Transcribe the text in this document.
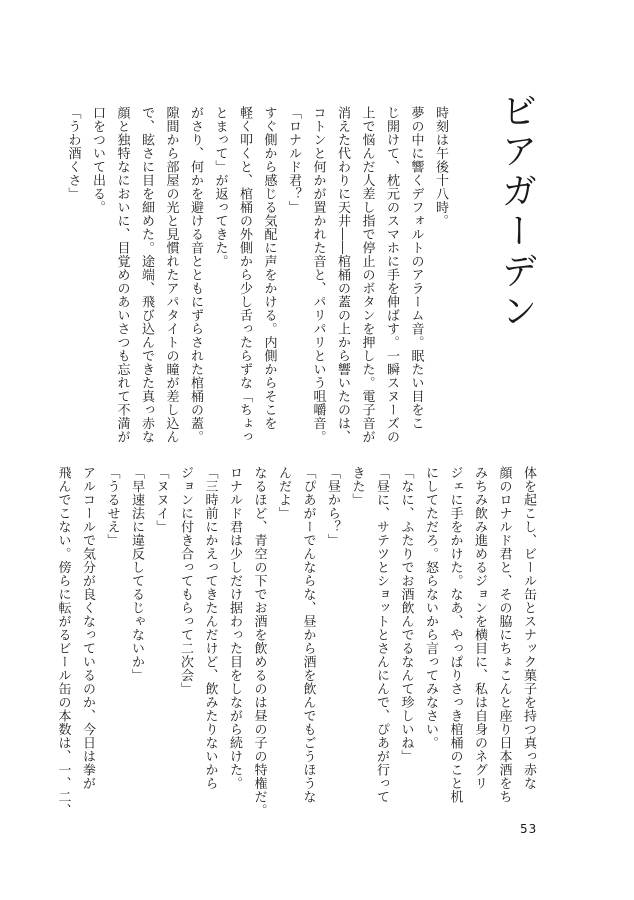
ビアガーデン
時刻は午後十八時。
夢の中に響くデフォルトのアラーム音。眠たい目をこ
じ開けて、枕元のスマホに手を伸ばす。一瞬スヌーズの
上で悩んだ人差し指で停止のボタンを押した。電子音が
消えた代わりに天井――棺桶の蓋の上から響いたのは、
コトンと何かが置かれた音と、パリパリという咀嚼音。
「ロナルド君？」
すぐ側から感じる気配に声をかける。内側からそこを
軽く叩くと、棺桶の外側から少し舌ったらずな「ちょっ
とまって」が返ってきた。
がさり、何かを避ける音とともにずらされた棺桶の蓋。
隙間から部屋の光と見慣れたアパタイトの瞳が差し込ん
で、眩さに目を細めた。途端、飛び込んできた真っ赤な
顔と独特なにおいに、目覚めのあいさつも忘れて不満が
口をついて出る。
「うわ酒くさ」
体を起こし、ビール缶とスナック菓子を持つ真っ赤な
顔のロナルド君と、その脇にちょこんと座り日本酒をち
みちみ飲み進めるジョンを横目に、私は自身のネグリ
ジェに手をかけた。なあ、やっぱりさっき棺桶のこと机
にしてただろ。怒らないから言ってみなさい。
「なに、ふたりでお酒飲んでるなんて珍しいね」
「昼に、サテツとショットとさんにんで、ぴあが行って
きた」
「昼から？」
「ぴあがーでんならな、昼から酒を飲んでもごうほうな
んだよ」
なるほど、青空の下でお酒を飲めるのは昼の子の特権だ。
ロナルド君は少しだけ据わった目をしながら続けた。
「三時前にかえってきたんだけど、飲みたりないから
ジョンに付き合ってもらって二次会」
「ヌヌイ」
「早速法に違反してるじゃないか」
「うるせえ」
アルコールで気分が良くなっているのか、今日は拳が
飛んでこない。傍らに転がるビール缶の本数は、一、二、
53
